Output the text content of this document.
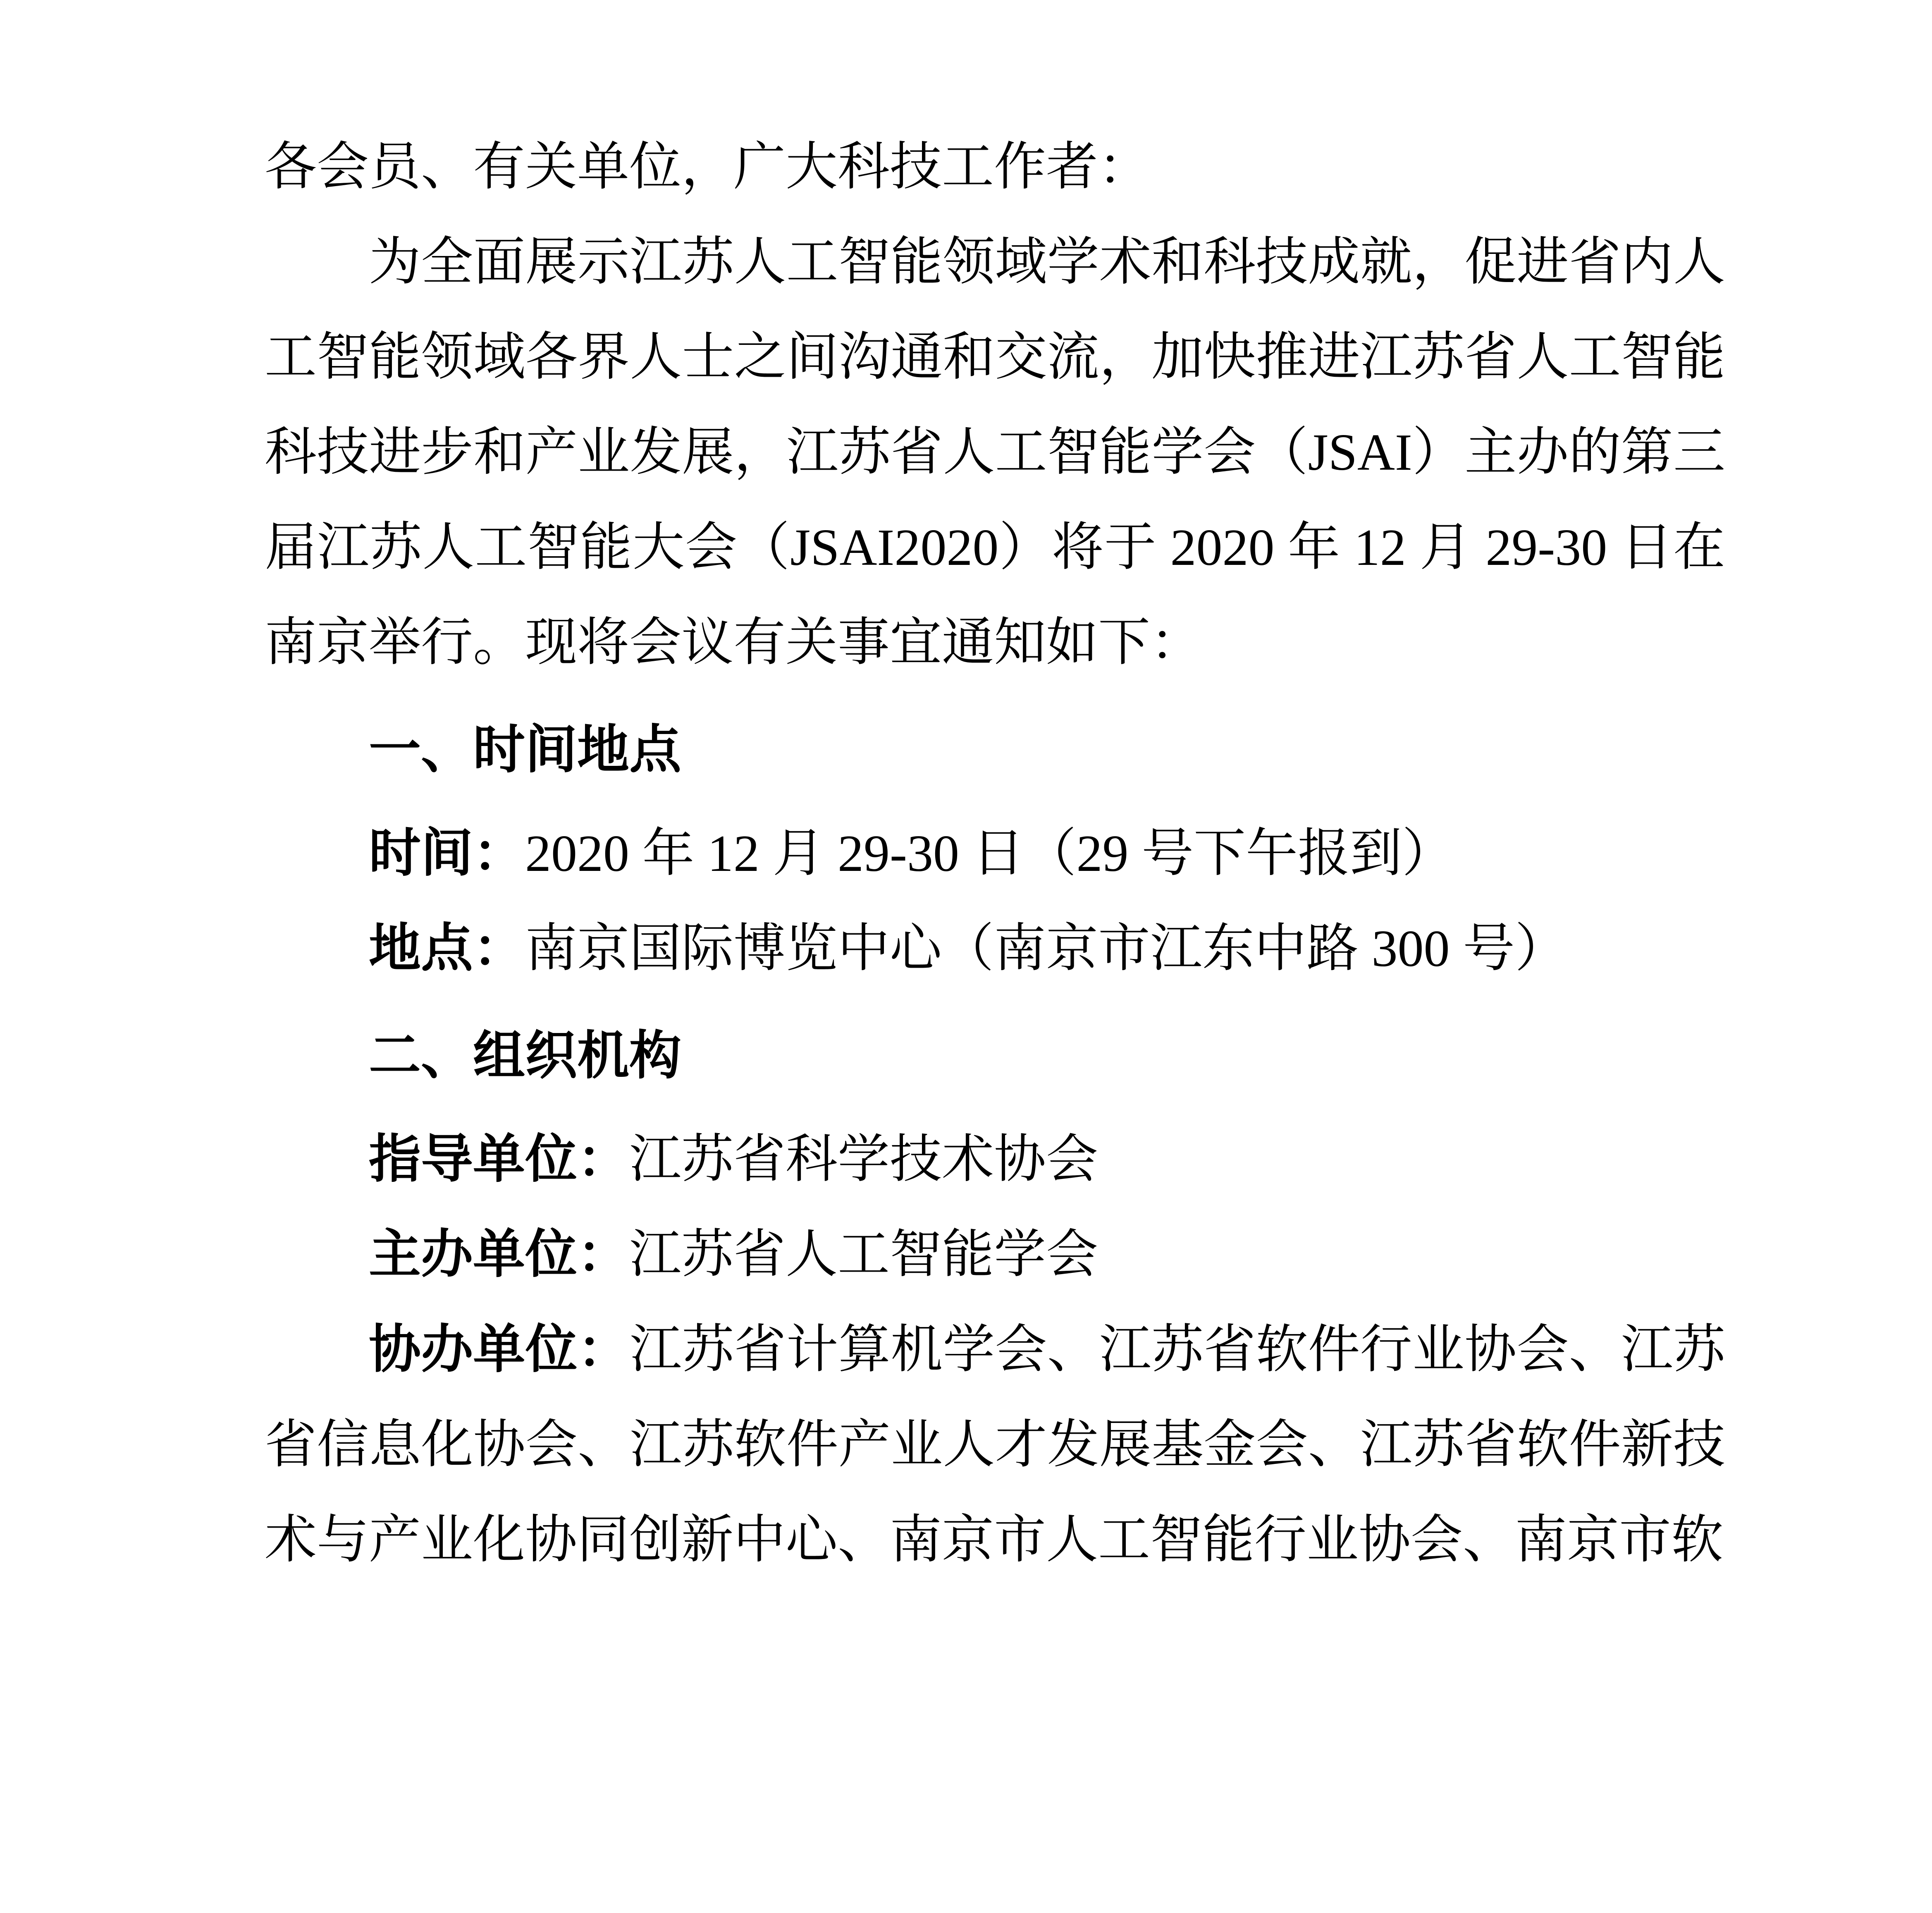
各会员、有关单位，广大科技工作者：

为全面展示江苏人工智能领域学术和科技成就，促进省内人工智能领域各界人士之间沟通和交流，加快推进江苏省人工智能科技进步和产业发展，江苏省人工智能学会（JSAI）主办的第三届江苏人工智能大会（JSAI2020）将于 2020 年 12 月 29-30 日在南京举行。现将会议有关事宜通知如下：

一、时间地点

时间：2020 年 12 月 29-30 日（29 号下午报到）

地点：南京国际博览中心（南京市江东中路 300 号）

二、组织机构

指导单位：江苏省科学技术协会

主办单位：江苏省人工智能学会

协办单位：江苏省计算机学会、江苏省软件行业协会、江苏省信息化协会、江苏软件产业人才发展基金会、江苏省软件新技术与产业化协同创新中心、南京市人工智能行业协会、南京市软
